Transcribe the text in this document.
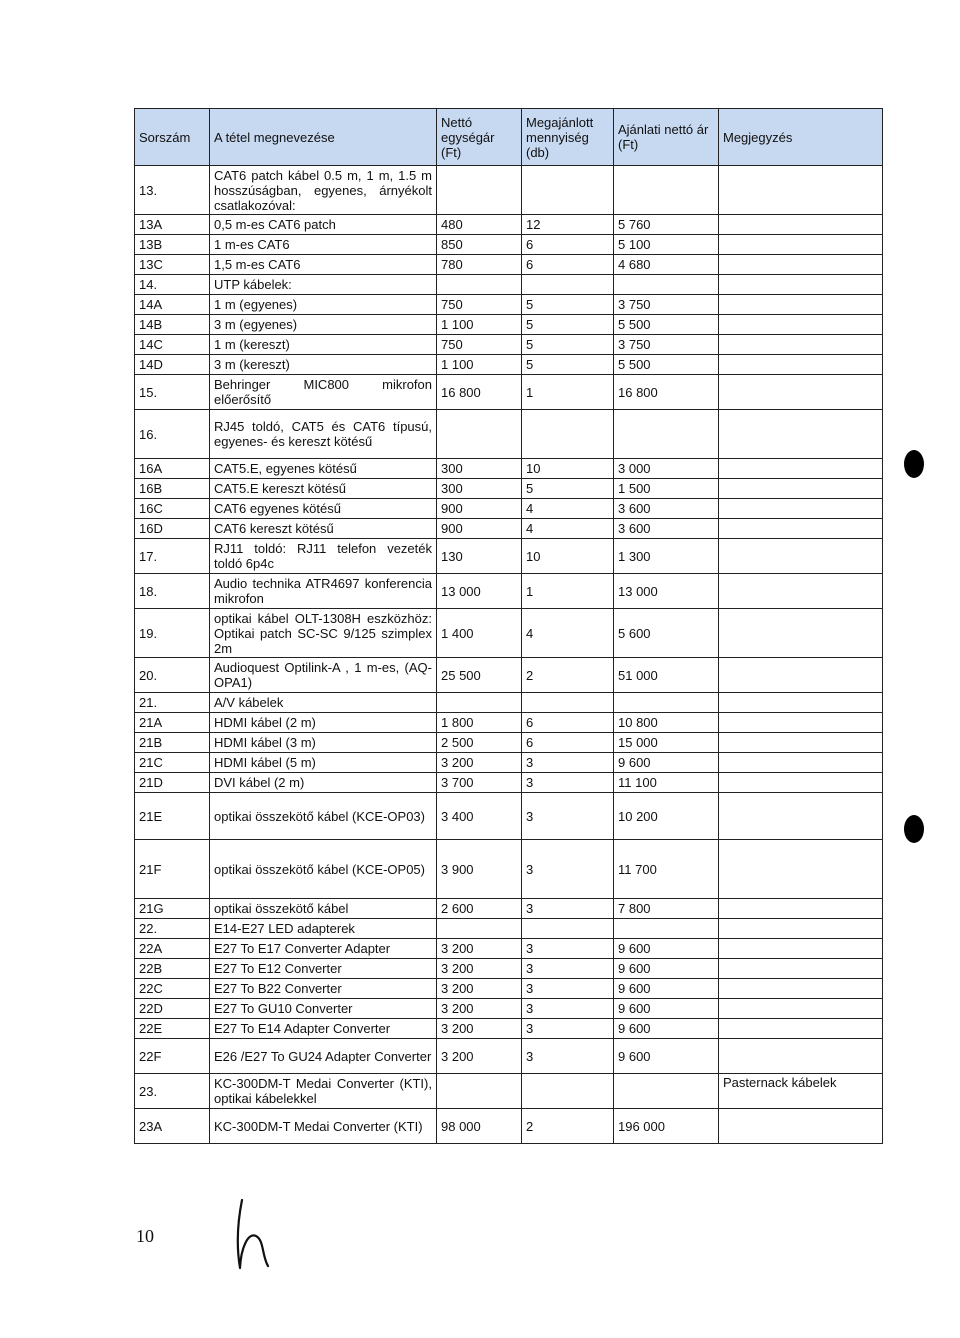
Sorszám	A tétel megnevezése	Nettó egységár (Ft)	Megajánlott mennyiség (db)	Ajánlati nettó ár (Ft)	Megjegyzés
13.	CAT6 patch kábel 0.5 m, 1 m, 1.5 m hosszúságban, egyenes, árnyékolt csatlakozóval:				
13A	0,5 m-es CAT6 patch	480	12	5 760	
13B	1 m-es CAT6	850	6	5 100	
13C	1,5 m-es CAT6	780	6	4 680	
14.	UTP kábelek:				
14A	1 m (egyenes)	750	5	3 750	
14B	3 m (egyenes)	1 100	5	5 500	
14C	1 m (kereszt)	750	5	3 750	
14D	3 m (kereszt)	1 100	5	5 500	
15.	Behringer MIC800 mikrofon előerősítő	16 800	1	16 800	
16.	RJ45 toldó, CAT5 és CAT6 típusú, egyenes- és kereszt kötésű				
16A	CAT5.E, egyenes kötésű	300	10	3 000	
16B	CAT5.E kereszt kötésű	300	5	1 500	
16C	CAT6 egyenes kötésű	900	4	3 600	
16D	CAT6 kereszt kötésű	900	4	3 600	
17.	RJ11 toldó: RJ11 telefon vezeték toldó 6p4c	130	10	1 300	
18.	Audio technika ATR4697 konferencia mikrofon	13 000	1	13 000	
19.	optikai kábel OLT-1308H eszközhöz: Optikai patch SC-SC 9/125 szimplex 2m	1 400	4	5 600	
20.	Audioquest Optilink-A , 1 m-es, (AQ-OPA1)	25 500	2	51 000	
21.	A/V kábelek				
21A	HDMI kábel (2 m)	1 800	6	10 800	
21B	HDMI kábel (3 m)	2 500	6	15 000	
21C	HDMI kábel (5 m)	3 200	3	9 600	
21D	DVI kábel (2 m)	3 700	3	11 100	
21E	optikai összekötő kábel (KCE-OP03)	3 400	3	10 200	
21F	optikai összekötő kábel (KCE-OP05)	3 900	3	11 700	
21G	optikai összekötő kábel	2 600	3	7 800	
22.	E14-E27 LED adapterek				
22A	E27 To E17 Converter Adapter	3 200	3	9 600	
22B	E27 To E12 Converter	3 200	3	9 600	
22C	E27 To B22 Converter	3 200	3	9 600	
22D	E27 To GU10 Converter	3 200	3	9 600	
22E	E27 To E14 Adapter Converter	3 200	3	9 600	
22F	E26 /E27 To GU24 Adapter Converter	3 200	3	9 600	
23.	KC-300DM-T Medai Converter (KTI), optikai kábelekkel				Pasternack kábelek
23A	KC-300DM-T Medai Converter (KTI)	98 000	2	196 000	
10
